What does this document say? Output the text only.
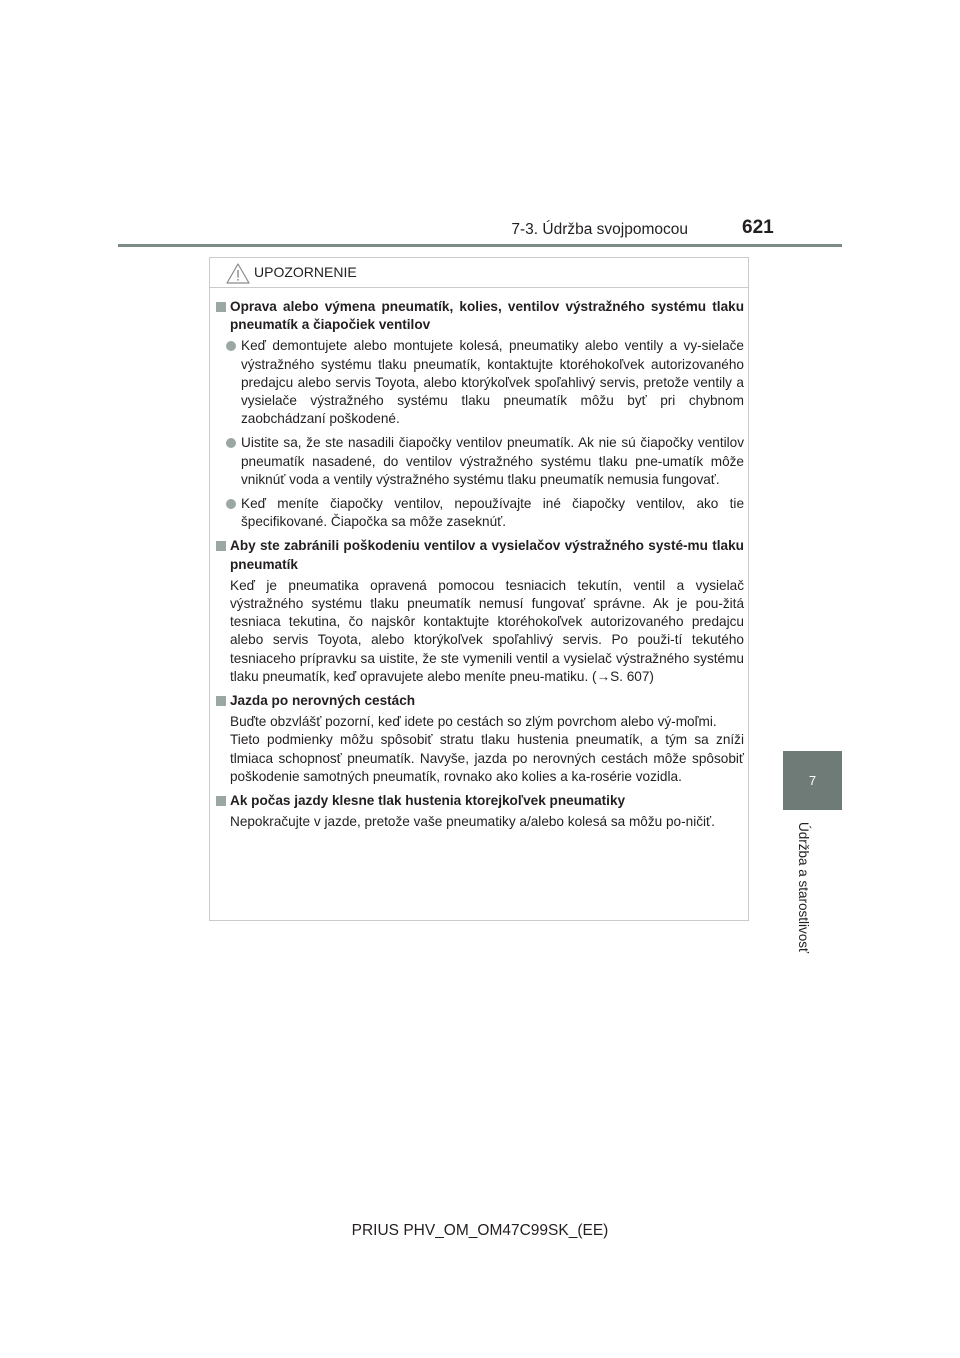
7-3. Údržba svojpomocou	621
7
Údržba a starostlivosť
UPOZORNENIE
Oprava alebo výmena pneumatík, kolies, ventilov výstražného systému tlaku pneumatík a čiapočiek ventilov
Keď demontujete alebo montujete kolesá, pneumatiky alebo ventily a vy-sielače výstražného systému tlaku pneumatík, kontaktujte ktoréhokoľvek autorizovaného predajcu alebo servis Toyota, alebo ktorýkoľvek spoľahlivý servis, pretože ventily a vysielače výstražného systému tlaku pneumatík môžu byť pri chybnom zaobchádzaní poškodené.
Uistite sa, že ste nasadili čiapočky ventilov pneumatík. Ak nie sú čiapočky ventilov pneumatík nasadené, do ventilov výstražného systému tlaku pne-umatík môže vniknúť voda a ventily výstražného systému tlaku pneumatík nemusia fungovať.
Keď meníte čiapočky ventilov, nepoužívajte iné čiapočky ventilov, ako tie špecifikované. Čiapočka sa môže zaseknúť.
Aby ste zabránili poškodeniu ventilov a vysielačov výstražného systé-mu tlaku pneumatík
Keď je pneumatika opravená pomocou tesniacich tekutín, ventil a vysielač výstražného systému tlaku pneumatík nemusí fungovať správne. Ak je pou-žitá tesniaca tekutina, čo najskôr kontaktujte ktoréhokoľvek autorizovaného predajcu alebo servis Toyota, alebo ktorýkoľvek spoľahlivý servis. Po použi-tí tekutého tesniaceho prípravku sa uistite, že ste vymenili ventil a vysielač výstražného systému tlaku pneumatík, keď opravujete alebo meníte pneu-matiku. (→S. 607)
Jazda po nerovných cestách
Buďte obzvlášť pozorní, keď idete po cestách so zlým povrchom alebo vý-moľmi.
Tieto podmienky môžu spôsobiť stratu tlaku hustenia pneumatík, a tým sa zníži tlmiaca schopnosť pneumatík. Navyše, jazda po nerovných cestách môže spôsobiť poškodenie samotných pneumatík, rovnako ako kolies a ka-rosérie vozidla.
Ak počas jazdy klesne tlak hustenia ktorejkoľvek pneumatiky
Nepokračujte v jazde, pretože vaše pneumatiky a/alebo kolesá sa môžu po-ničiť.
PRIUS PHV_OM_OM47C99SK_(EE)
